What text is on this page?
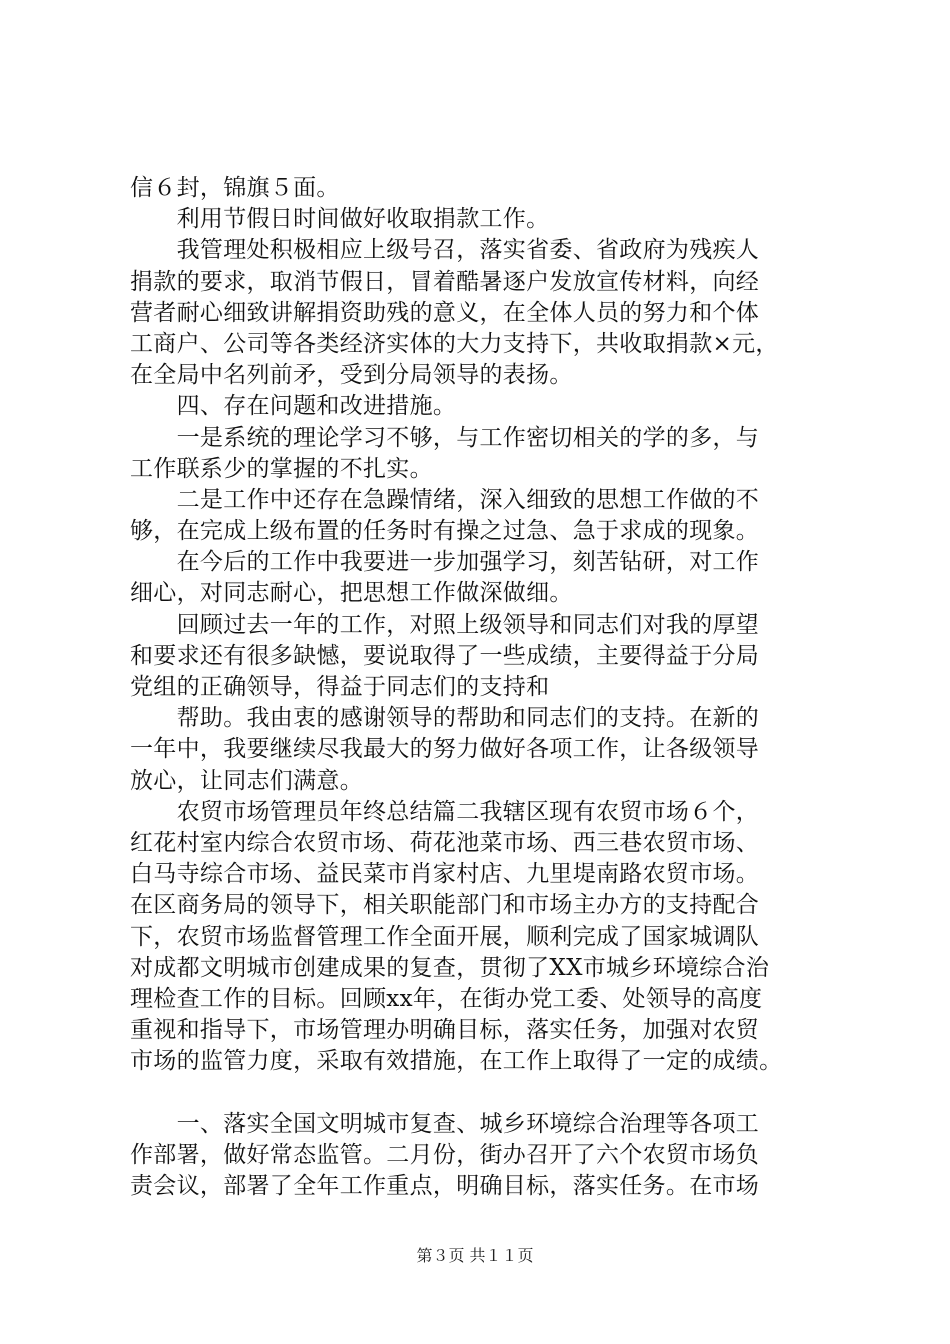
信６封，锦旗５面。
　　利用节假日时间做好收取捐款工作。
　　我管理处积极相应上级号召，落实省委、省政府为残疾人
捐款的要求，取消节假日，冒着酷暑逐户发放宣传材料，向经
营者耐心细致讲解捐资助残的意义，在全体人员的努力和个体
工商户、公司等各类经济实体的大力支持下，共收取捐款×元，
在全局中名列前矛，受到分局领导的表扬。
　　四、存在问题和改进措施。
　　一是系统的理论学习不够，与工作密切相关的学的多，与
工作联系少的掌握的不扎实。
　　二是工作中还存在急躁情绪，深入细致的思想工作做的不
够，在完成上级布置的任务时有操之过急、急于求成的现象。
　　在今后的工作中我要进一步加强学习，刻苦钻研，对工作
细心，对同志耐心，把思想工作做深做细。
　　回顾过去一年的工作，对照上级领导和同志们对我的厚望
和要求还有很多缺憾，要说取得了一些成绩，主要得益于分局
党组的正确领导，得益于同志们的支持和
　　帮助。我由衷的感谢领导的帮助和同志们的支持。在新的
一年中，我要继续尽我最大的努力做好各项工作，让各级领导
放心，让同志们满意。
　　农贸市场管理员年终总结篇二我辖区现有农贸市场６个，
红花村室内综合农贸市场、荷花池菜市场、西三巷农贸市场、
白马寺综合市场、益民菜市肖家村店、九里堤南路农贸市场。
在区商务局的领导下，相关职能部门和市场主办方的支持配合
下，农贸市场监督管理工作全面开展，顺利完成了国家城调队
对成都文明城市创建成果的复查，贯彻了XX市城乡环境综合治
理检查工作的目标。回顾xx年，在街办党工委、处领导的高度
重视和指导下，市场管理办明确目标，落实任务，加强对农贸
市场的监管力度，采取有效措施，在工作上取得了一定的成绩。
　　一、落实全国文明城市复查、城乡环境综合治理等各项工
作部署，做好常态监管。二月份，街办召开了六个农贸市场负
责会议，部署了全年工作重点，明确目标，落实任务。在市场
第３页 共１１页
